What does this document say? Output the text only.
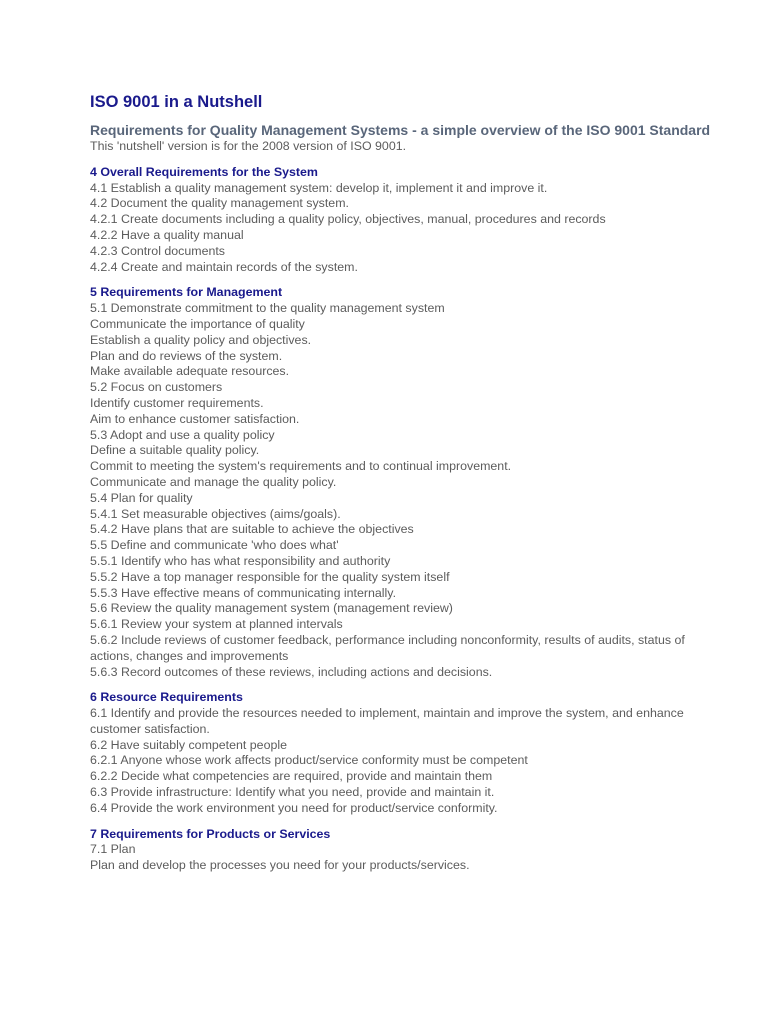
ISO 9001 in a Nutshell
Requirements for Quality Management Systems - a simple overview of the ISO 9001 Standard

This 'nutshell' version is for the 2008 version of ISO 9001.

4 Overall Requirements for the System

4.1 Establish a quality management system: develop it, implement it and improve it.

4.2 Document the quality management system.

4.2.1 Create documents including a quality policy, objectives, manual, procedures and records

4.2.2 Have a quality manual

4.2.3 Control documents

4.2.4 Create and maintain records of the system.

5 Requirements for Management

5.1 Demonstrate commitment to the quality management system

Communicate the importance of quality

Establish a quality policy and objectives.

Plan and do reviews of the system.

Make available adequate resources.

5.2 Focus on customers

Identify customer requirements.

Aim to enhance customer satisfaction.

5.3 Adopt and use a quality policy

Define a suitable quality policy.

Commit to meeting the system's requirements and to continual improvement.

Communicate and manage the quality policy.

5.4 Plan for quality

5.4.1 Set measurable objectives (aims/goals).

5.4.2 Have plans that are suitable to achieve the objectives

5.5 Define and communicate 'who does what'

5.5.1 Identify who has what responsibility and authority

5.5.2 Have a top manager responsible for the quality system itself

5.5.3 Have effective means of communicating internally.

5.6 Review the quality management system (management review)

5.6.1 Review your system at planned intervals

5.6.2 Include reviews of customer feedback, performance including nonconformity, results of audits, status of actions, changes and improvements

5.6.3 Record outcomes of these reviews, including actions and decisions.

6 Resource Requirements

6.1 Identify and provide the resources needed to implement, maintain and improve the system, and enhance customer satisfaction.

6.2 Have suitably competent people

6.2.1 Anyone whose work affects product/service conformity must be competent

6.2.2 Decide what competencies are required, provide and maintain them

6.3 Provide infrastructure: Identify what you need, provide and maintain it.

6.4 Provide the work environment you need for product/service conformity.

7 Requirements for Products or Services

7.1 Plan

Plan and develop the processes you need for your products/services.
